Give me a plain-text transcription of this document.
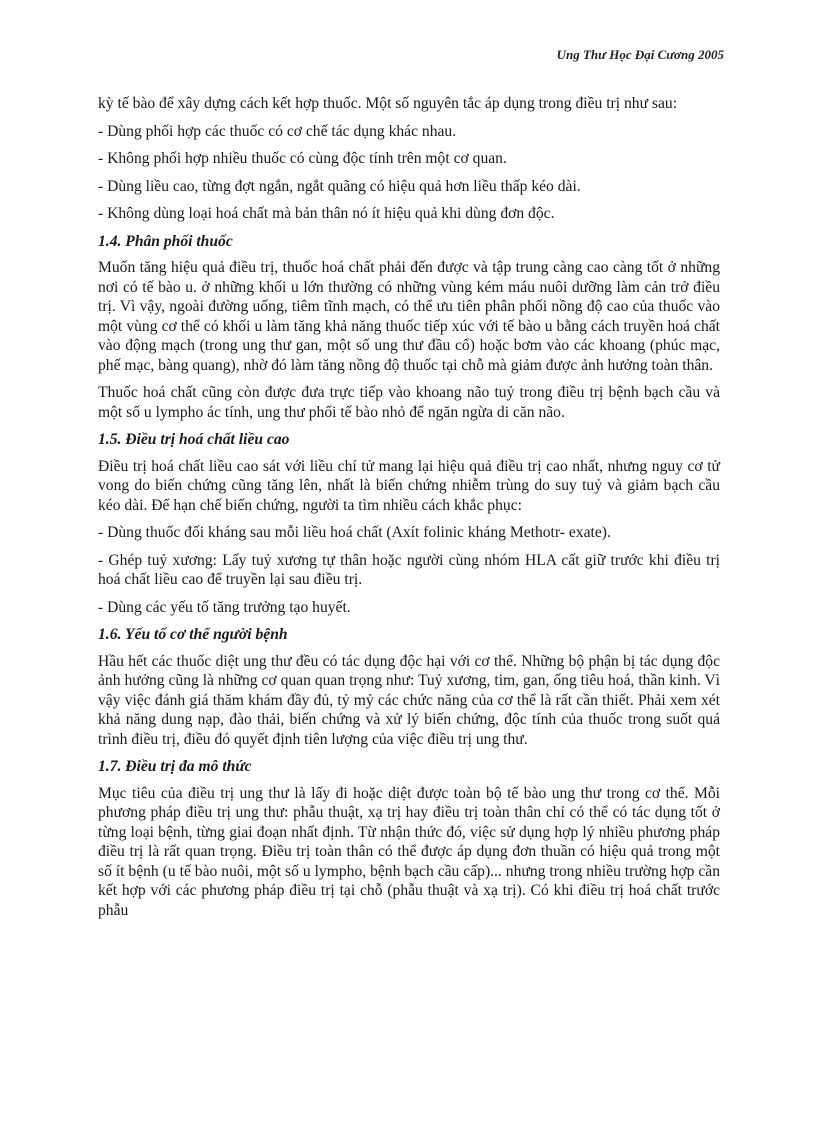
Ung Thư Học Đại Cương 2005

kỳ tế bào để xây dựng cách kết hợp thuốc. Một số nguyên tắc áp dụng trong điều trị như sau:

- Dùng phối hợp các thuốc có cơ chế tác dụng khác nhau.

- Không phối hợp nhiều thuốc có cùng độc tính trên một cơ quan.

- Dùng liều cao, từng đợt ngắn, ngắt quãng có hiệu quả hơn liều thấp kéo dài.

- Không dùng loại hoá chất mà bản thân nó ít hiệu quả khi dùng đơn độc.

1.4. Phân phối thuốc

Muốn tăng hiệu quả điều trị, thuốc hoá chất phải đến được và tập trung càng cao càng tốt ở những nơi có tế bào u. ở những khối u lớn thường có những vùng kém máu nuôi dưỡng làm cản trở điều trị. Vì vậy, ngoài đường uống, tiêm tĩnh mạch, có thể ưu tiên phân phối nồng độ cao của thuốc vào một vùng cơ thể có khối u làm tăng khả năng thuốc tiếp xúc với tế bào u bằng cách truyền hoá chất vào động mạch (trong ung thư gan, một số ung thư đầu cổ) hoặc bơm vào các khoang (phúc mạc, phế mạc, bàng quang), nhờ đó làm tăng nồng độ thuốc tại chỗ mà giảm được ảnh hưởng toàn thân.

Thuốc hoá chất cũng còn được đưa trực tiếp vào khoang não tuỷ trong điều trị bệnh bạch cầu và một số u lympho ác tính, ung thư phổi tế bào nhỏ để ngăn ngừa di căn não.

1.5. Điều trị hoá chất liều cao

Điều trị hoá chất liều cao sát với liều chí tử mang lại hiệu quả điều trị cao nhất, nhưng nguy cơ tử vong do biến chứng cũng tăng lên, nhất là biến chứng nhiễm trùng do suy tuỷ và giảm bạch cầu kéo dài. Để hạn chế biến chứng, người ta tìm nhiều cách khắc phục:

- Dùng thuốc đối kháng sau mỗi liều hoá chất (Axít folinic kháng Methotr- exate).

- Ghép tuỷ xương: Lấy tuỷ xương tự thân hoặc người cùng nhóm HLA cất giữ trước khi điều trị hoá chất liều cao để truyền lại sau điều trị.

- Dùng các yếu tố tăng trưởng tạo huyết.

1.6. Yếu tố cơ thể người bệnh

Hầu hết các thuốc diệt ung thư đều có tác dụng độc hại với cơ thể. Những bộ phận bị tác dụng độc ảnh hưởng cũng là những cơ quan quan trọng như: Tuỷ xương, tim, gan, ống tiêu hoá, thần kinh. Vì vậy việc đánh giá thăm khám đầy đủ, tỷ mỷ các chức năng của cơ thể là rất cần thiết. Phải xem xét khả năng dung nạp, đào thải, biến chứng và xử lý biến chứng, độc tính của thuốc trong suốt quá trình điều trị, điều đó quyết định tiên lượng của việc điều trị ung thư.

1.7. Điều trị đa mô thức

Mục tiêu của điều trị ung thư là lấy đi hoặc diệt được toàn bộ tế bào ung thư trong cơ thể. Mỗi phương pháp điều trị ung thư: phẫu thuật, xạ trị hay điều trị toàn thân chỉ có thể có tác dụng tốt ở từng loại bệnh, từng giai đoạn nhất định. Từ nhận thức đó, việc sử dụng hợp lý nhiều phương pháp điều trị là rất quan trọng. Điều trị toàn thân có thể được áp dụng đơn thuần có hiệu quả trong một số ít bệnh (u tế bào nuôi, một số u lympho, bệnh bạch cầu cấp)... nhưng trong nhiều trường hợp cần kết hợp với các phương pháp điều trị tại chỗ (phẫu thuật và xạ trị). Có khi điều trị hoá chất trước phẫu
